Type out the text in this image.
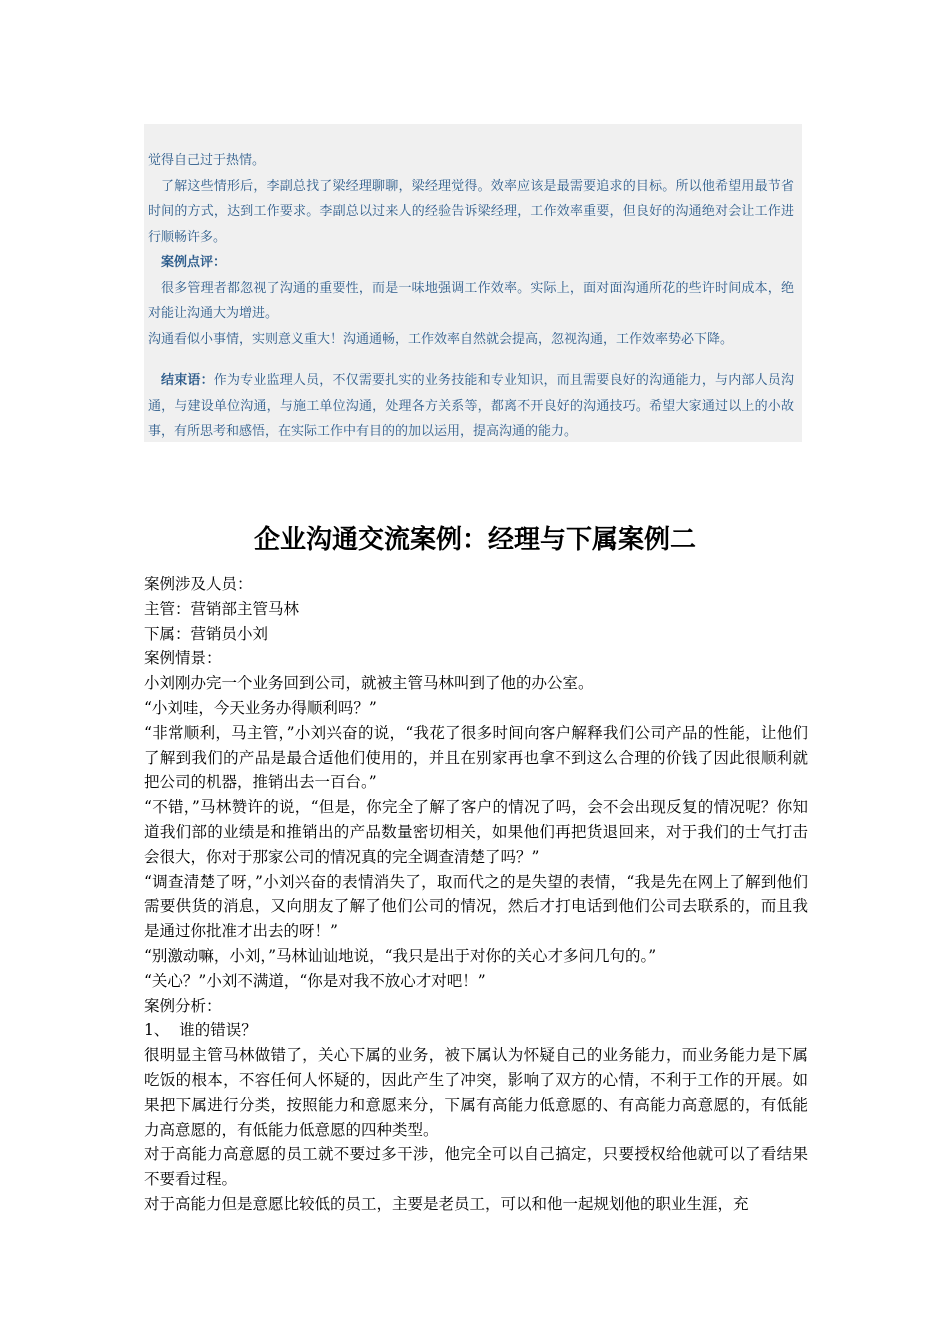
觉得自己过于热情。

了解这些情形后，李副总找了梁经理聊聊，梁经理觉得。效率应该是最需要追求的目标。所以他希望用最节省时间的方式，达到工作要求。李副总以过来人的经验告诉梁经理，工作效率重要，但良好的沟通绝对会让工作进行顺畅许多。

案例点评：

很多管理者都忽视了沟通的重要性，而是一味地强调工作效率。实际上，面对面沟通所花的些许时间成本，绝对能让沟通大为增进。

沟通看似小事情，实则意义重大！沟通通畅，工作效率自然就会提高，忽视沟通，工作效率势必下降。

结束语：作为专业监理人员，不仅需要扎实的业务技能和专业知识，而且需要良好的沟通能力，与内部人员沟通，与建设单位沟通，与施工单位沟通，处理各方关系等，都离不开良好的沟通技巧。希望大家通过以上的小故事，有所思考和感悟，在实际工作中有目的的加以运用，提高沟通的能力。

企业沟通交流案例：经理与下属案例二

案例涉及人员：

主管：营销部主管马林

下属：营销员小刘

案例情景：

小刘刚办完一个业务回到公司，就被主管马林叫到了他的办公室。

“小刘哇，今天业务办得顺利吗？”

“非常顺利，马主管，”小刘兴奋的说，“我花了很多时间向客户解释我们公司产品的性能，让他们了解到我们的产品是最合适他们使用的，并且在别家再也拿不到这么合理的价钱了因此很顺利就把公司的机器，推销出去一百台。”

“不错，”马林赞许的说，“但是，你完全了解了客户的情况了吗，会不会出现反复的情况呢？你知道我们部的业绩是和推销出的产品数量密切相关，如果他们再把货退回来，对于我们的士气打击会很大，你对于那家公司的情况真的完全调查清楚了吗？”

“调查清楚了呀，”小刘兴奋的表情消失了，取而代之的是失望的表情，“我是先在网上了解到他们需要供货的消息，又向朋友了解了他们公司的情况，然后才打电话到他们公司去联系的，而且我是通过你批准才出去的呀！”

“别激动嘛，小刘，”马林讪讪地说，“我只是出于对你的关心才多问几句的。”

“关心？”小刘不满道，“你是对我不放心才对吧！”

案例分析：

1、  谁的错误？

很明显主管马林做错了，关心下属的业务，被下属认为怀疑自己的业务能力，而业务能力是下属吃饭的根本，不容任何人怀疑的，因此产生了冲突，影响了双方的心情，不利于工作的开展。如果把下属进行分类，按照能力和意愿来分，下属有高能力低意愿的、有高能力高意愿的，有低能力高意愿的，有低能力低意愿的四种类型。

对于高能力高意愿的员工就不要过多干涉，他完全可以自己搞定，只要授权给他就可以了看结果不要看过程。

对于高能力但是意愿比较低的员工，主要是老员工，可以和他一起规划他的职业生涯，充
